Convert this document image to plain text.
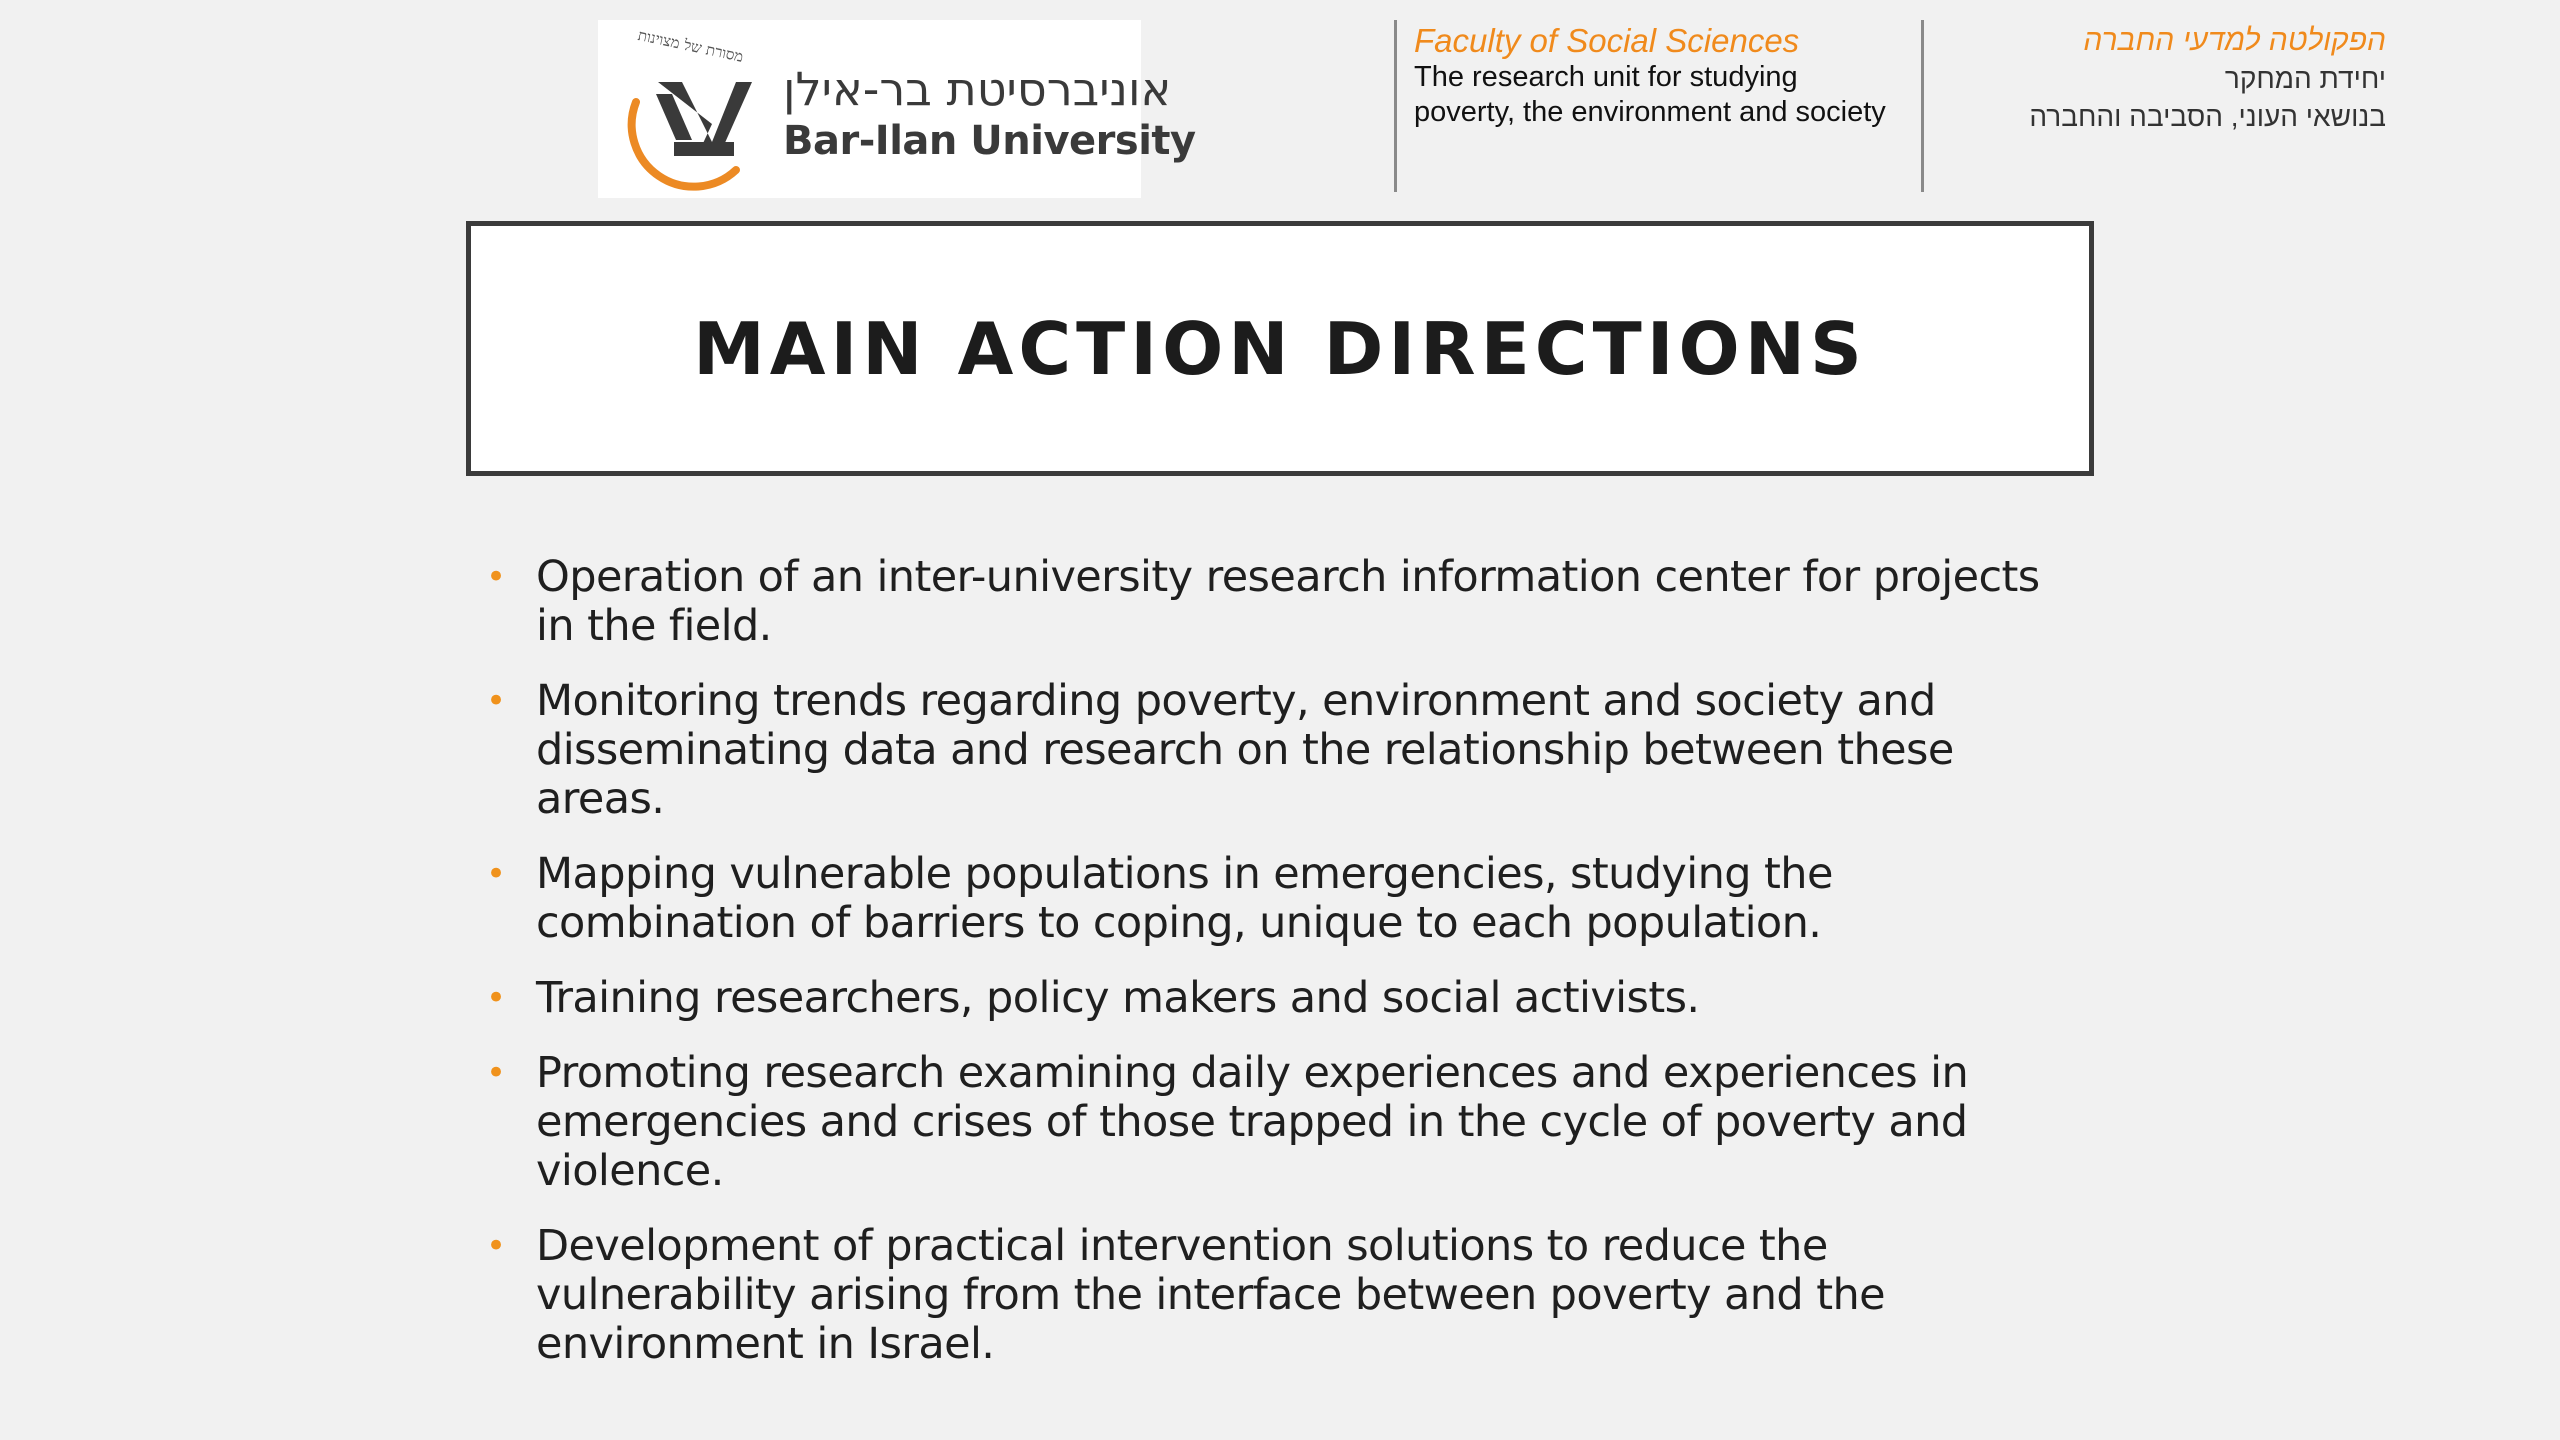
מסורת של מצוינות
אוניברסיטת בר-אילן
Bar-Ilan University
Faculty of Social Sciences
The research unit for studying
poverty, the environment and society
הפקולטה למדעי החברה
יחידת המחקר
בנושאי העוני, הסביבה והחברה
MAIN ACTION DIRECTIONS
• Operation of an inter-university research information center for projects in the field.
• Monitoring trends regarding poverty, environment and society and disseminating data and research on the relationship between these areas.
• Mapping vulnerable populations in emergencies, studying the combination of barriers to coping, unique to each population.
• Training researchers, policy makers and social activists.
• Promoting research examining daily experiences and experiences in emergencies and crises of those trapped in the cycle of poverty and violence.
• Development of practical intervention solutions to reduce the vulnerability arising from the interface between poverty and the environment in Israel.
